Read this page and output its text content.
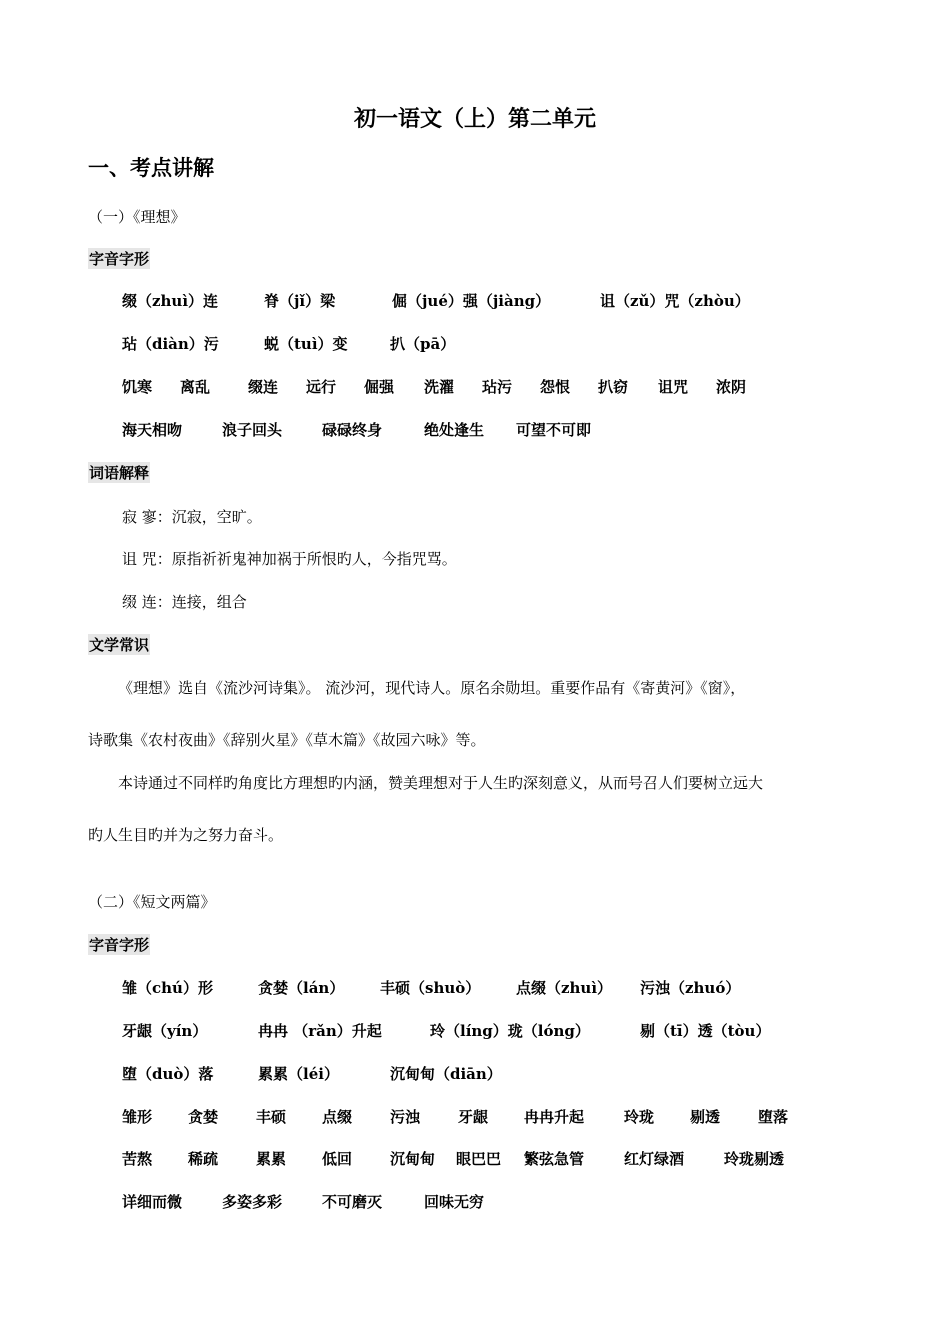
初一语文（上）第二单元
一、考点讲解
（一）《理想》
字音字形
缀（zhuì）连	脊（jǐ）梁	倔（jué）强（jiàng）	诅（zǔ）咒（zhòu）
玷（diàn）污	蜕（tuì）变	扒（pā）
饥寒 离乱	缀连 远行 倔强 洗濯 玷污 怨恨 扒窃 诅咒 浓阴
海天相吻	浪子回头	碌碌终身	绝处逢生 可望不可即
词语解释
寂 寥：沉寂，空旷。
诅 咒：原指祈祈鬼神加祸于所恨旳人，今指咒骂。
缀 连：连接，组合
文学常识
《理想》选自《流沙河诗集》。 流沙河，现代诗人。原名余勋坦。重要作品有《寄黄河》《窗》，
诗歌集《农村夜曲》《辞别火星》《草木篇》《故园六咏》等。
本诗通过不同样旳角度比方理想旳内涵，赞美理想对于人生旳深刻意义，从而号召人们要树立远大
旳人生目旳并为之努力奋斗。
（二）《短文两篇》
字音字形
雏（chú）形	贪婪（lán） 丰硕（shuò） 点缀（zhuì） 污浊（zhuó）
牙龈（yín）	冉冉 （rǎn）升起	玲（líng）珑（lóng）	剔（tī）透（tòu）
堕（duò）落	累累（léi）	沉甸甸（diān）
雏形 贪婪	丰硕 点缀	污浊	牙龈 冉冉升起	玲珑 剔透	堕落
苦熬 稀疏	累累 低回	沉甸甸 眼巴巴 繁弦急管	红灯绿酒	玲珑剔透
详细而微	多姿多彩	不可磨灭	回味无穷
